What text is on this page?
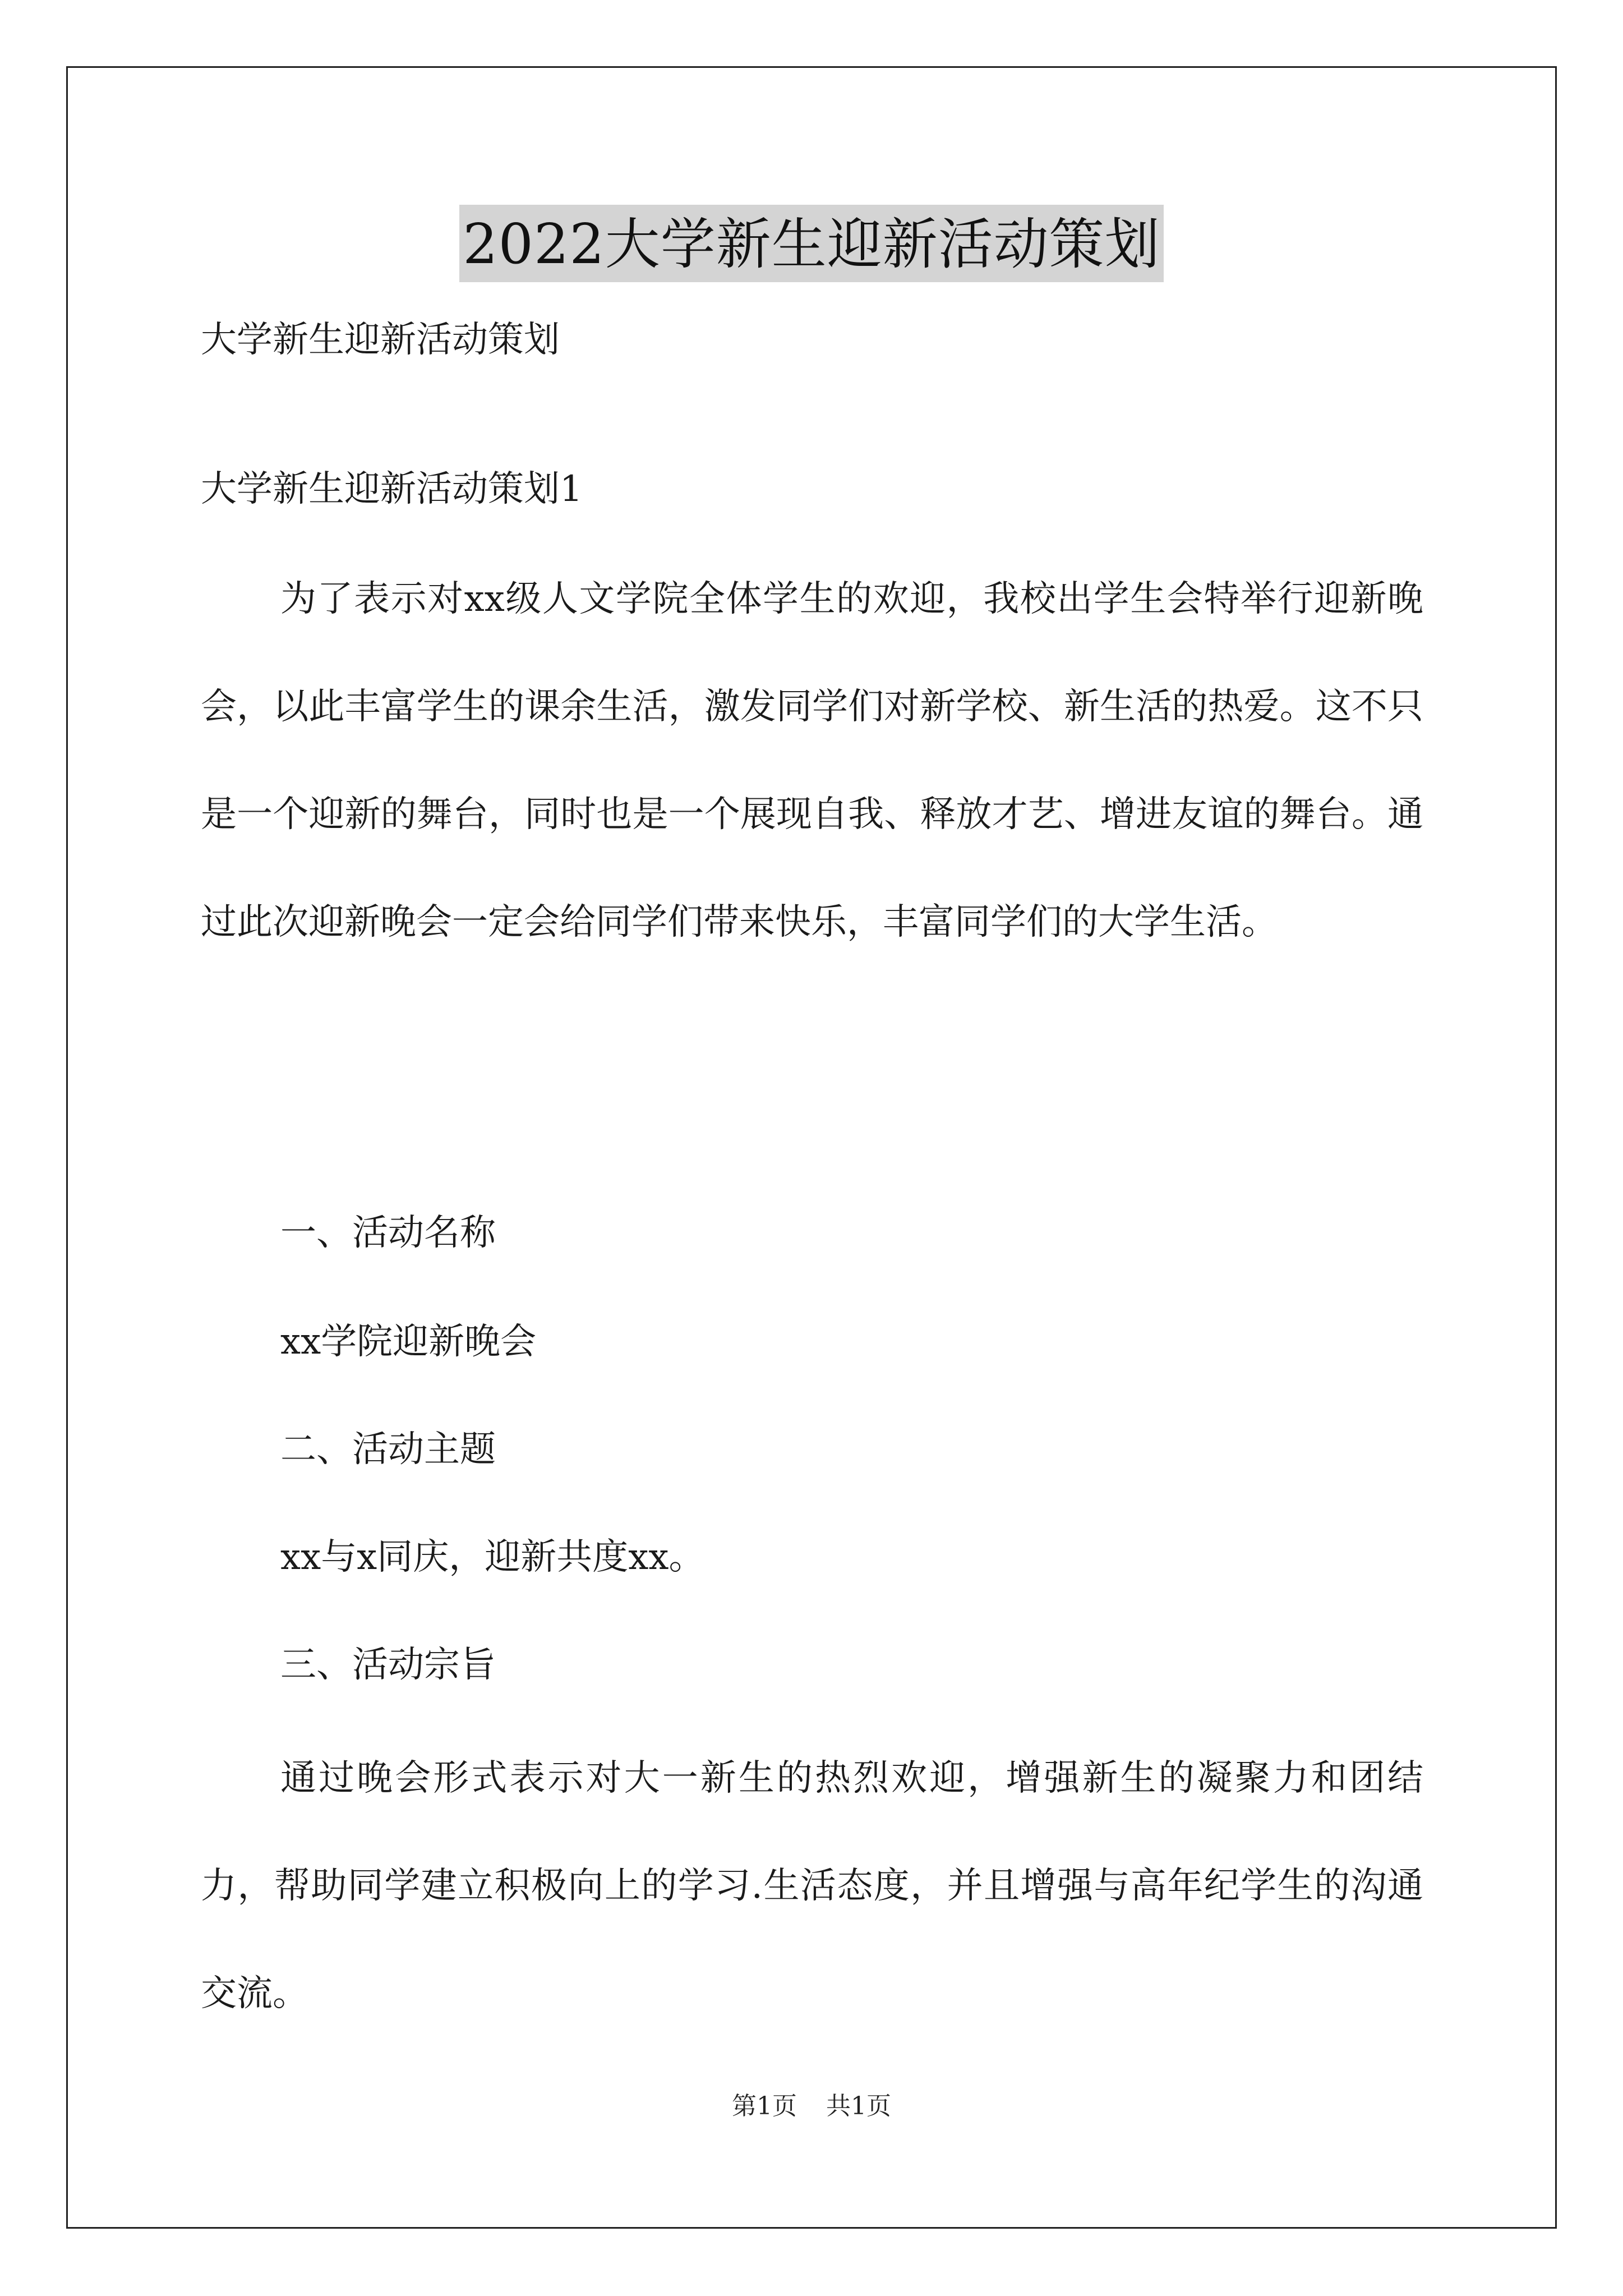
2022大学新生迎新活动策划
大学新生迎新活动策划
大学新生迎新活动策划1

为了表示对xx级人文学院全体学生的欢迎，我校出学生会特举行迎新晚会，以此丰富学生的课余生活，激发同学们对新学校、新生活的热爱。这不只是一个迎新的舞台，同时也是一个展现自我、释放才艺、增进友谊的舞台。通过此次迎新晚会一定会给同学们带来快乐，丰富同学们的大学生活。

一、活动名称
xx学院迎新晚会
二、活动主题
xx与x同庆，迎新共度xx。
三、活动宗旨

通过晚会形式表示对大一新生的热烈欢迎，增强新生的凝聚力和团结力，帮助同学建立积极向上的学习.生活态度，并且增强与高年纪学生的沟通交流。

第1页 共1页
